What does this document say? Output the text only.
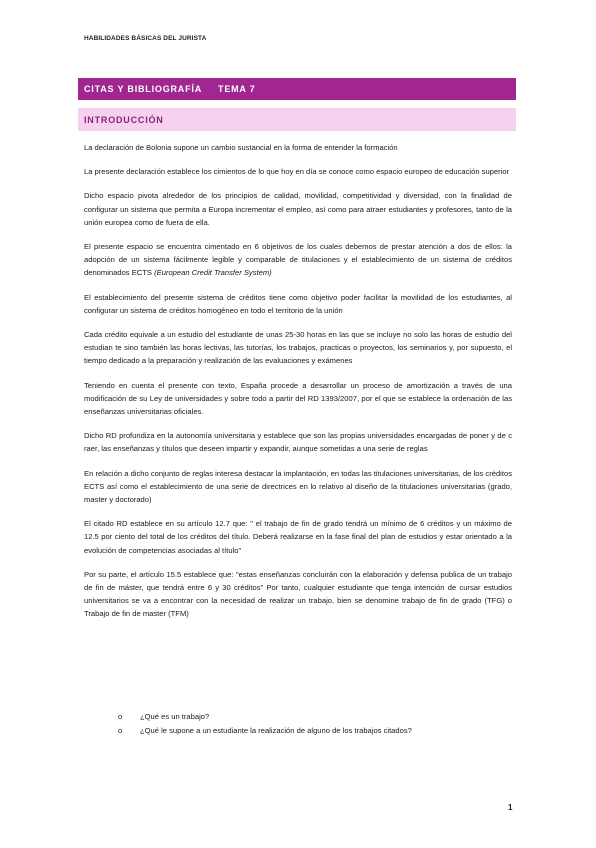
HABILIDADES BÁSICAS DEL JURISTA
CITAS Y BIBLIOGRAFÍA TEMA 7
INTRODUCCIÓN

La declaración de Bolonia supone un cambio sustancial en la forma de entender la formación

La presente declaración establece los cimientos de lo que hoy en día se conoce como espacio europeo de educación superior

Dicho espacio pivota alrededor de los principios de calidad, movilidad, competitividad y diversidad, con la finalidad de configurar un sistema que permita a Europa incrementar el empleo, así como para atraer estudiantes y profesores, tanto de la unión europea como de fuera de ella.

El presente espacio se encuentra cimentado en 6 objetivos de los cuales debemos de prestar atención a dos de ellos: la adopción de un sistema fácilmente legible y comparable de titulaciones y el establecimiento de un sistema de créditos denominados ECTS (European Credit Transfer System)

El establecimiento del presente sistema de créditos tiene como objetivo poder facilitar la movilidad de los estudiantes, al configurar un sistema de créditos homogéneo en todo el territorio de la unión

Cada crédito equivale a un estudio del estudiante de unas 25-30 horas en las que se incluye no solo las horas de estudio del estudian te sino también las horas lectivas, las tutorías, los trabajos, practicas o proyectos, los seminarios y, por supuesto, el tiempo dedicado a la preparación y realización de las evaluaciones y exámenes

Teniendo en cuenta el presente con texto, España procede a desarrollar un proceso de amortización a través de una modificación de su Ley de universidades y sobre todo a partir del RD 1393/2007, por el que se establece la ordenación de las enseñanzas universitarias oficiales.

Dicho RD profundiza en la autonomía universitaria y establece que son las propias universidades encargadas de poner y de c raer, las enseñanzas y títulos que deseen impartir y expandir, aunque sometidas a una serie de reglas

En relación a dicho conjunto de reglas interesa destacar la implantación, en todas las titulaciones universitarias, de los créditos ECTS así como el establecimiento de una serie de directrices en lo relativo al diseño de la titulaciones universitarias (grado, master y doctorado)

El citado RD establece en su artículo 12.7 que: " el trabajo de fin de grado tendrá un mínimo de 6 créditos y un máximo de 12.5 por ciento del total de los créditos del título. Deberá realizarse en la fase final del plan de estudios y estar orientado a la evolución de competencias asociadas al título"

Por su parte, el artículo 15.5 establece que: "estas enseñanzas concluirán con la elaboración y defensa publica de un trabajo de fin de máster, que tendrá entre 6 y 30 créditos" Por tanto, cualquier estudiante que tenga intención de cursar estudios universitarios se va a encontrar con la necesidad de realizar un trabajo, bien se denomine trabajo de fin de grado (TFG) o Trabajo de fin de master (TFM)

o	¿Qué es un trabajo?
o	¿Qué le supone a un estudiante la realización de alguno de los trabajos citados?
1
